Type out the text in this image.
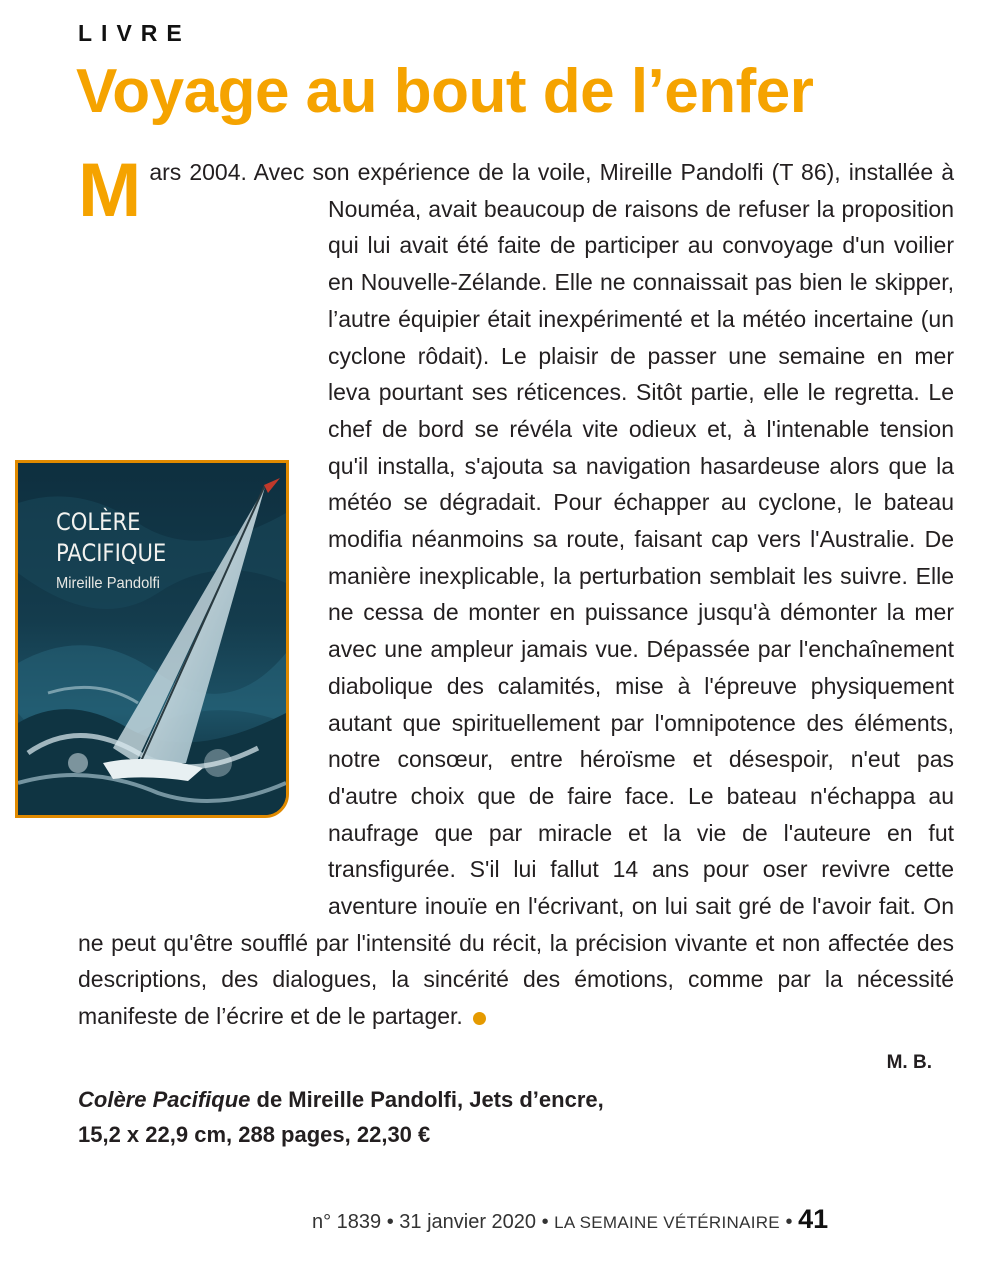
LIVRE
Voyage au bout de l’enfer
M ars 2004. Avec son expérience de la voile, Mireille Pandolfi (T 86), installée à Nouméa, avait beaucoup de raisons de refuser la proposition qui lui avait été faite de participer au convoyage d'un voilier en Nouvelle-Zélande. Elle ne connaissait pas bien le skipper, l’autre équipier était inexpérimenté et la météo incertaine (un cyclone rôdait). Le plaisir de passer une semaine en mer leva pourtant ses réticences. Sitôt partie, elle le regretta. Le chef de bord se révéla vite odieux et, à l'intenable tension qu'il installa, s'ajouta sa navigation hasardeuse alors que la météo se dégradait. Pour échapper au cyclone, le bateau modifia néanmoins sa route, faisant cap vers l'Australie. De manière inexplicable, la perturbation semblait les suivre. Elle ne cessa de monter en puissance jusqu'à démonter la mer avec une ampleur jamais vue. Dépassée par l'enchaînement diabolique des calamités, mise à l'épreuve physiquement autant que spirituellement par l'omnipotence des éléments, notre consœur, entre héroïsme et désespoir, n'eut pas d'autre choix que de faire face. Le bateau n'échappa au naufrage que par miracle et la vie de l'auteure en fut transfigurée. S'il lui fallut 14 ans pour oser revivre cette aventure inouïe en l'écrivant, on lui sait gré de l'avoir fait. On ne peut qu'être soufflé par l'intensité du récit, la précision vivante et non affectée des descriptions, des dialogues, la sincérité des émotions, comme par la nécessité manifeste de l’écrire et de le partager.
COLÈRE
PACIFIQUE
Mireille Pandolfi
M. B.
Colère Pacifique de Mireille Pandolfi, Jets d’encre,
15,2 x 22,9 cm, 288 pages, 22,30 €
n° 1839 • 31 janvier 2020 • LA SEMAINE VÉTÉRINAIRE • 41
